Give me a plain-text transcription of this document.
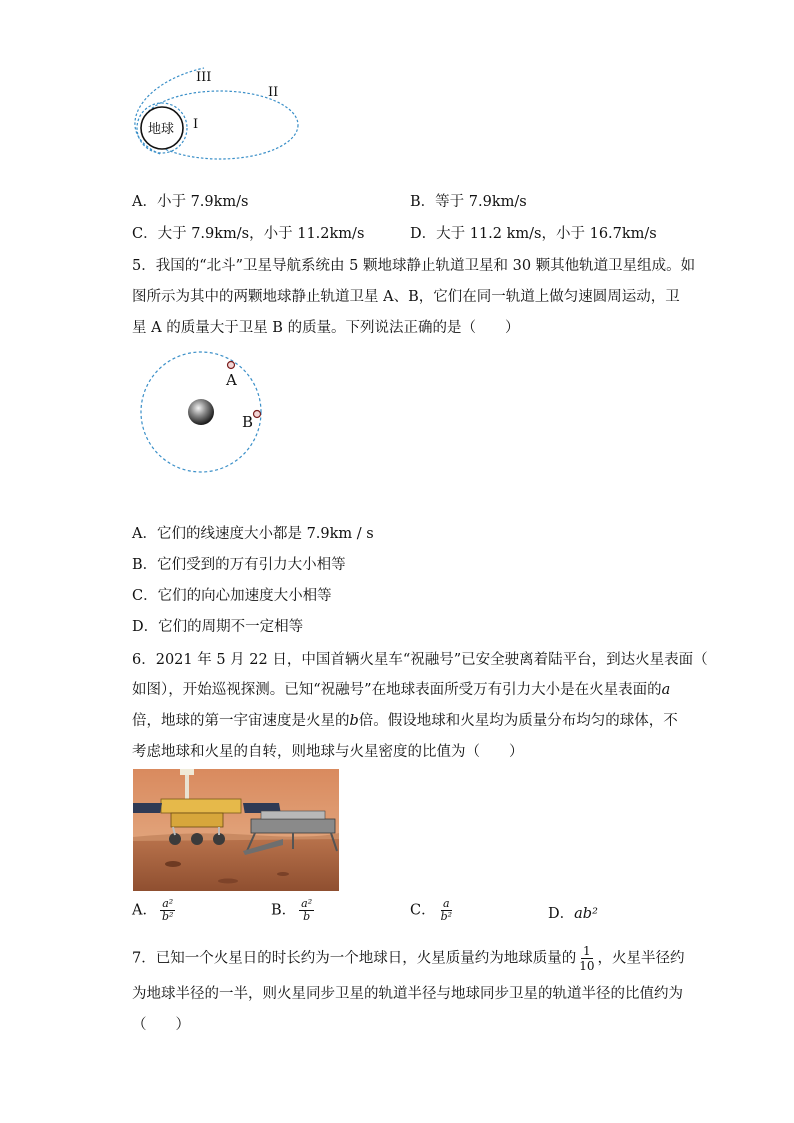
地球 I
II
III
A．小于 7.9km/s	B．等于 7.9km/s
C．大于 7.9km/s，小于 11.2km/s	D．大于 11.2 km/s，小于 16.7km/s
5．我国的“北斗”卫星导航系统由 5 颗地球静止轨道卫星和 30 颗其他轨道卫星组成。如
图所示为其中的两颗地球静止轨道卫星 A、B，它们在同一轨道上做匀速圆周运动，卫
星 A 的质量大于卫星 B 的质量。下列说法正确的是（　　）
A
B
A．它们的线速度大小都是 7.9km / s
B．它们受到的万有引力大小相等
C．它们的向心加速度大小相等
D．它们的周期不一定相等
6．2021 年 5 月 22 日，中国首辆火星车“祝融号”已安全驶离着陆平台，到达火星表面（
如图），开始巡视探测。已知“祝融号”在地球表面所受万有引力大小是在火星表面的a
倍，地球的第一宇宙速度是火星的b倍。假设地球和火星均为质量分布均匀的球体，不
考虑地球和火星的自转，则地球与火星密度的比值为（　　）
A． $\frac{\text{a²}}{\text{b²}}$	B． $\frac{\text{a²}}{b}$	C． $\frac{a}{\text{b²}}$	D．ab²
7．已知一个火星日的时长约为一个地球日，火星质量约为地球质量的 $\frac{1}{10}$ ，火星半径约
为地球半径的一半，则火星同步卫星的轨道半径与地球同步卫星的轨道半径的比值约为
（　　）
